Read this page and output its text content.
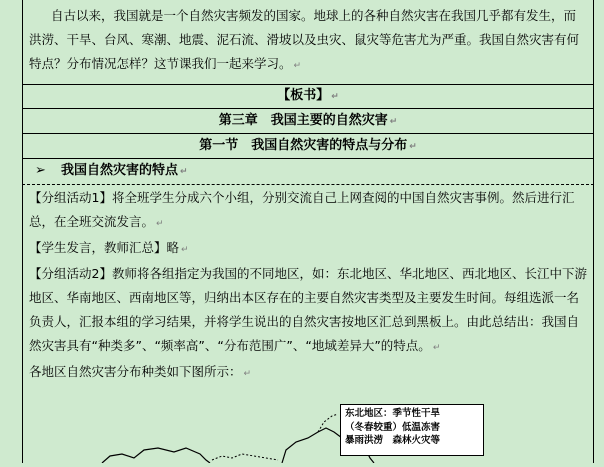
自古以来，我国就是一个自然灾害频发的国家。地球上的各种自然灾害在我国几乎都有发生，而洪涝、干旱、台风、寒潮、地震、泥石流、滑坡以及虫灾、鼠灾等危害尤为严重。我国自然灾害有何特点？分布情况怎样？这节课我们一起来学习。 ↵
【板书】 ↵
第三章　我国主要的自然灾害 ↵
第一节　我国自然灾害的特点与分布 ↵
➢ 我国自然灾害的特点 ↵
【分组活动1】将全班学生分成六个小组，分别交流自己上网查阅的中国自然灾害事例。然后进行汇总，在全班交流发言。 ↵
【学生发言，教师汇总】略 ↵
【分组活动2】教师将各组指定为我国的不同地区，如：东北地区、华北地区、西北地区、长江中下游地区、华南地区、西南地区等，归纳出本区存在的主要自然灾害类型及主要发生时间。每组选派一名负责人，汇报本组的学习结果，并将学生说出的自然灾害按地区汇总到黑板上。由此总结出：我国自然灾害具有“种类多”、“频率高”、“分布范围广”、“地域差异大”的特点。 ↵
各地区自然灾害分布种类如下图所示： ↵
东北地区：季节性干旱
（冬春较重）低温冻害
暴雨洪涝　森林火灾等
